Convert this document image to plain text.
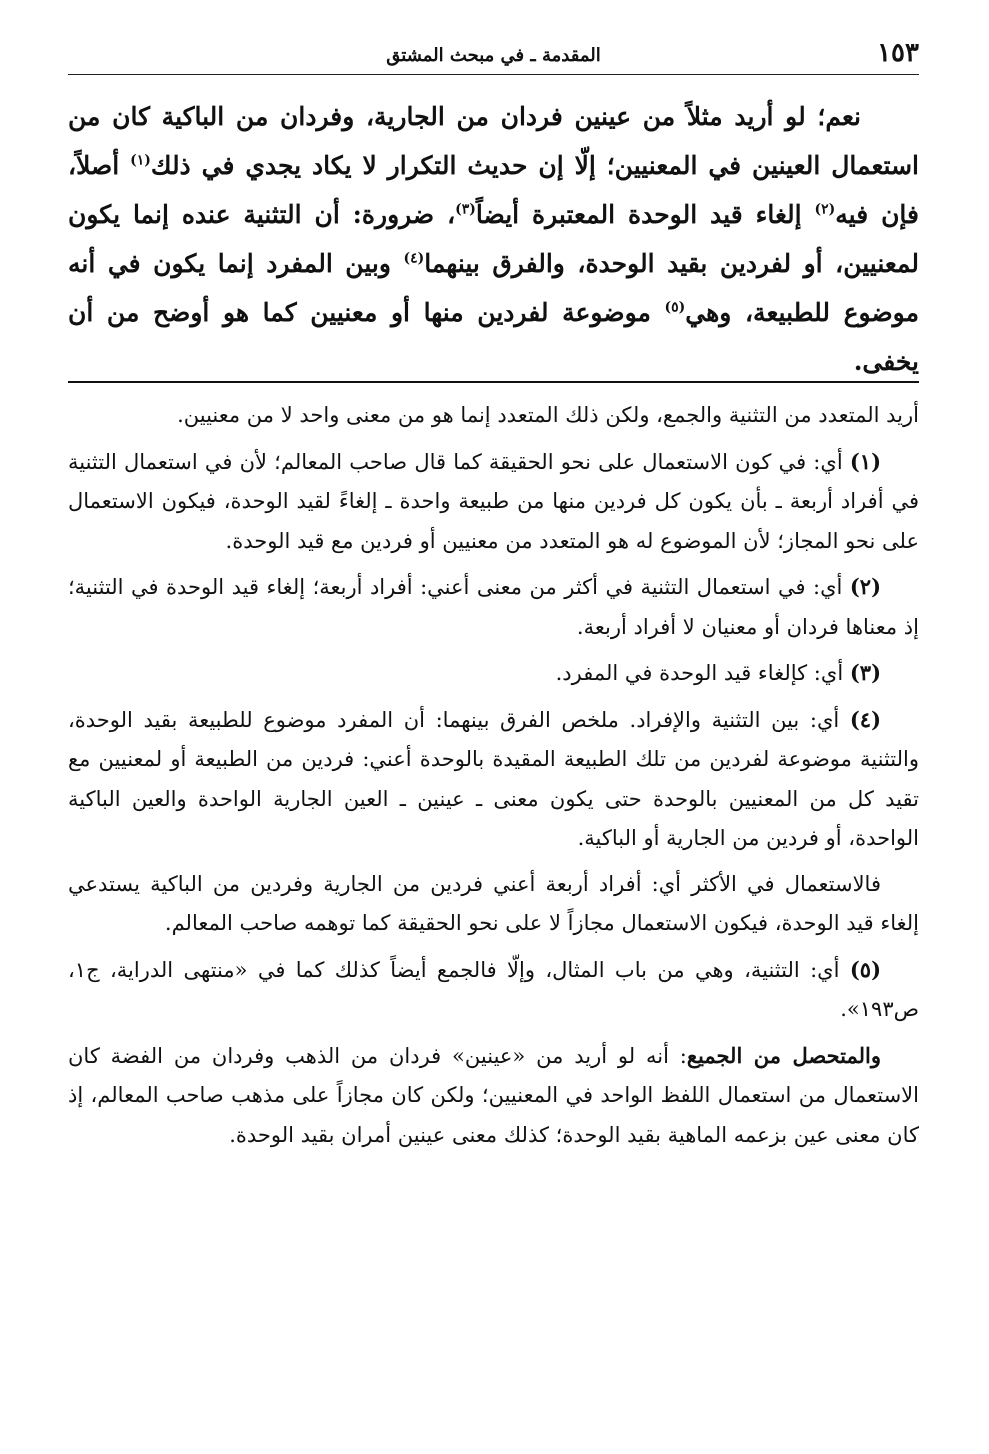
١٥٣
المقدمة ـ في مبحث المشتق

نعم؛ لو أريد مثلاً من عينين فردان من الجارية، وفردان من الباكية كان من استعمال العينين في المعنيين؛ إلّا إن حديث التكرار لا يكاد يجدي في ذلك$^{(١)}$ أصلاً، فإن فيه$^{(٢)}$ إلغاء قيد الوحدة المعتبرة أيضاً$^{(٣)}$، ضرورة: أن التثنية عنده إنما يكون لمعنيين، أو لفردين بقيد الوحدة، والفرق بينهما$^{(٤)}$ وبين المفرد إنما يكون في أنه موضوع للطبيعة، وهي$^{(٥)}$ موضوعة لفردين منها أو معنيين كما هو أوضح من أن يخفى.

أريد المتعدد من التثنية والجمع، ولكن ذلك المتعدد إنما هو من معنى واحد لا من معنيين.

(١) أي: في كون الاستعمال على نحو الحقيقة كما قال صاحب المعالم؛ لأن في استعمال التثنية في أفراد أربعة ـ بأن يكون كل فردين منها من طبيعة واحدة ـ إلغاءً لقيد الوحدة، فيكون الاستعمال على نحو المجاز؛ لأن الموضوع له هو المتعدد من معنيين أو فردين مع قيد الوحدة.

(٢) أي: في استعمال التثنية في أكثر من معنى أعني: أفراد أربعة؛ إلغاء قيد الوحدة في التثنية؛ إذ معناها فردان أو معنيان لا أفراد أربعة.

(٣) أي: كإلغاء قيد الوحدة في المفرد.

(٤) أي: بين التثنية والإفراد. ملخص الفرق بينهما: أن المفرد موضوع للطبيعة بقيد الوحدة، والتثنية موضوعة لفردين من تلك الطبيعة المقيدة بالوحدة أعني: فردين من الطبيعة أو لمعنيين مع تقيد كل من المعنيين بالوحدة حتى يكون معنى ـ عينين ـ العين الجارية الواحدة والعين الباكية الواحدة، أو فردين من الجارية أو الباكية.

فالاستعمال في الأكثر أي: أفراد أربعة أعني فردين من الجارية وفردين من الباكية يستدعي إلغاء قيد الوحدة، فيكون الاستعمال مجازاً لا على نحو الحقيقة كما توهمه صاحب المعالم.

(٥) أي: التثنية، وهي من باب المثال، وإلّا فالجمع أيضاً كذلك كما في «منتهى الدراية، ج١، ص١٩٣».

والمتحصل من الجميع: أنه لو أريد من «عينين» فردان من الذهب وفردان من الفضة كان الاستعمال من استعمال اللفظ الواحد في المعنيين؛ ولكن كان مجازاً على مذهب صاحب المعالم، إذ كان معنى عين بزعمه الماهية بقيد الوحدة؛ كذلك معنى عينين أمران بقيد الوحدة.
